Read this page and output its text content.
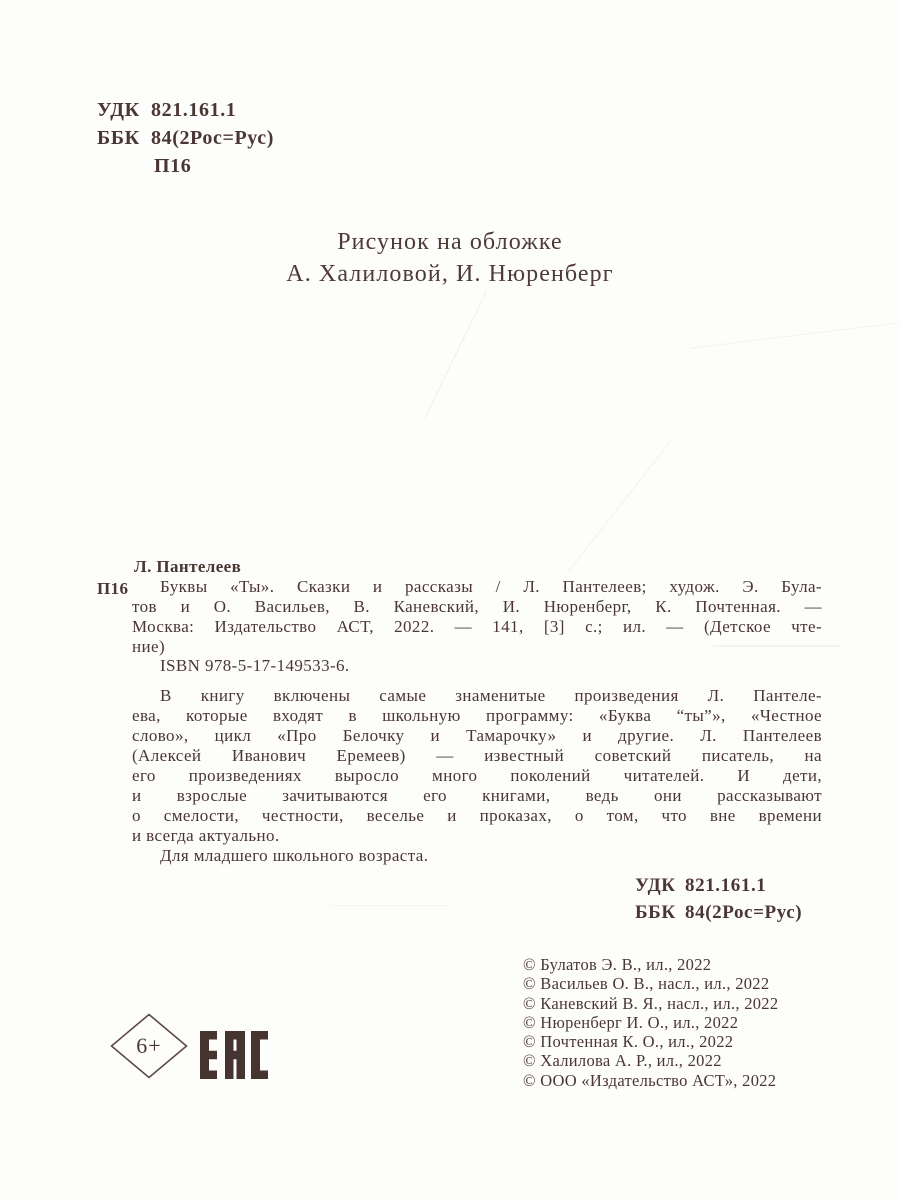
УДК 821.161.1
ББК 84(2Рос=Рус)
П16
Рисунок на обложке
А. Халиловой, И. Нюренберг
П16
Л. Пантелеев
Буквы «Ты». Сказки и рассказы / Л. Пантелеев; худож. Э. Була-
тов и О. Васильев, В. Каневский, И. Нюренберг, К. Почтенная. —
Москва: Издательство АСТ, 2022. — 141, [3] с.; ил. — (Детское чте-
ние)
ISBN 978-5-17-149533-6.
В книгу включены самые знаменитые произведения Л. Пантеле-
ева, которые входят в школьную программу: «Буква “ты”», «Честное
слово», цикл «Про Белочку и Тамарочку» и другие. Л. Пантелеев
(Алексей Иванович Еремеев) — известный советский писатель, на
его произведениях выросло много поколений читателей. И дети,
и взрослые зачитываются его книгами, ведь они рассказывают
о смелости, честности, веселье и проказах, о том, что вне времени
и всегда актуально.
Для младшего школьного возраста.
УДК 821.161.1
ББК 84(2Рос=Рус)
© Булатов Э. В., ил., 2022
© Васильев О. В., насл., ил., 2022
© Каневский В. Я., насл., ил., 2022
© Нюренберг И. О., ил., 2022
© Почтенная К. О., ил., 2022
© Халилова А. Р., ил., 2022
© ООО «Издательство АСТ», 2022
6+
